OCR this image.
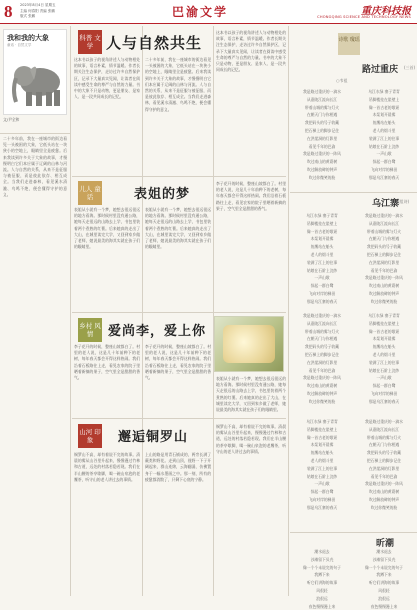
8 2023年8月4日 星期五
主编 何春阳 责编 张鹏
版式 张鹏	巴渝文学	重庆科技报
CHONGQING SCIENCE AND TECHNOLOGY NEWS
我和我的大象
童话 · 自然文学
文/尹全和
二十多年前，我在一座城市的街边看见一头被困的大象，它低头站在一块狭小的空地上，眼睛里全是疲惫。后来我读到许多关于大象的故事，才慢慢明白它们本应属于辽阔的山林与河流。人与自然的关系，从来不是征服与被征服，而是彼此依存、相互成全。当我们走进森林，看见溪水清澈、鸟鸣不绝，便会懂得守护的意义。
科普 文学 人与自然共生
这本书以孩子的视角讲述人与动物相处的故事，语言朴素，情节温暖。作者长期关注生态保护，走访过许多自然保护区，记录下大量真实见闻，让读者在阅读中感受生命的尊严与自然的力量。书中的大象不只是动物，更是朋友、是家人、是一段共同成长的记忆。
二十多年前，我在一座城市的街边看见一头被困的大象，它低头站在一块狭小的空地上，眼睛里全是疲惫。后来我读到许多关于大象的故事，才慢慢明白它们本应属于辽阔的山林与河流。人与自然的关系，从来不是征服与被征服，而是彼此依存、相互成全。当我们走进森林，看见溪水清澈、鸟鸣不绝，便会懂得守护的意义。
这本书以孩子的视角讲述人与动物相处的故事，语言朴素，情节温暖。作者长期关注生态保护，走访过许多自然保护区，记录下大量真实见闻，让读者在阅读中感受生命的尊严与自然的力量。书中的大象不只是动物，更是朋友、是家人、是一段共同成长的记忆。
儿人 童话	表姐的梦
表姐从小就有一个梦，她想去很远很远的地方看海。那时候村里没有通公路，她每天走很远的山路去上学，书包里装着两个煮熟的红薯。后来她真的走出了大山，在城里读完大学，又回到家乡做了老师，她说最美的海其实就在孩子们的眼睛里。
表姐从小就有一个梦，她想去很远很远的地方看海。那时候村里没有通公路，她每天走很远的山路去上学，书包里装着两个煮熟的红薯。后来她真的走出了大山，在城里读完大学，又回到家乡做了老师，她说最美的海其实就在孩子们的眼睛里。
李子花开的时候，整座山坡都白了。村里的老人说，这是几十年前种下的老树，每年春天都会开得这样热闹。我们沿着石板路往上走，看见农家的院子里晒着新摘的果子，空气里全是甜甜的香气。
乡村 风情	爱尚李，爱上你
李子花开的时候，整座山坡都白了。村里的老人说，这是几十年前种下的老树，每年春天都会开得这样热闹。我们沿着石板路往上走，看见农家的院子里晒着新摘的果子，空气里全是甜甜的香气。
李子花开的时候，整座山坡都白了。村里的老人说，这是几十年前种下的老树，每年春天都会开得这样热闹。我们沿着石板路往上走，看见农家的院子里晒着新摘的果子，空气里全是甜甜的香气。	表姐从小就有一个梦，她想去很远很远的地方看海。那时候村里没有通公路，她每天走很远的山路去上学，书包里装着两个煮熟的红薯。后来她真的走出了大山，在城里读完大学，又回到家乡做了老师，她说最美的海其实就在孩子们的眼睛里。
山河 印象	邂逅铜罗山
铜罗山不高，却有着说不完的故事。清晨的雾从山谷里升起来，慢慢漫过竹林和古道，远处的村落若隐若现。我们在半山腰的茶亭歇脚，喝一碗山泉泡的老鹰茶，听守山的老人讲过去的事情。
上山的路是用青石铺成的，两旁长满了蕨类和野花。走到山顶，视野一下子开阔起来，群山连绵，云海翻涌，仿佛置身于一幅水墨画之中。那一刻，所有的疲惫都消散了，只剩下心底的宁静。
铜罗山不高，却有着说不完的故事。清晨的雾从山谷里升起来，慢慢漫过竹林和古道，远处的村落若隐若现。我们在半山腰的茶亭歇脚，喝一碗山泉泡的老鹰茶，听守山的老人讲过去的事情。
诗歌 瓊瑶
路过重庆 (三首)
○韦祖
我是路过重庆的一滴水
从嘉陵江流向长江
带着山城的雾与灯火
在朝天门与你相遇
我把码头的号子收藏
把石梯上的脚步记住
在洪崖洞的灯影里
看见千年的巴渝
我是路过重庆的一阵风
吹过南山的黄葛树
吹过解放碑的钟声
吹过你微笑的脸
乌江水绿 寨子青青
吊脚楼挂在崖壁上
像一首古老的歌谣
木桨划开晨雾
鱼鹰站在船头
老人的烟斗里
装满了江上的往事
姑娘在石阶上浣纱
一声山歌
惊起一群白鹭
飞向对岸的梯田
那是乌江寨的春天
乌江寨
(组诗)
乌江水绿 寨子青青
吊脚楼挂在崖壁上
像一首古老的歌谣
木桨划开晨雾
鱼鹰站在船头
老人的烟斗里
装满了江上的往事
姑娘在石阶上浣纱
一声山歌
惊起一群白鹭
飞向对岸的梯田
那是乌江寨的春天
我是路过重庆的一滴水
从嘉陵江流向长江
带着山城的雾与灯火
在朝天门与你相遇
我把码头的号子收藏
把石梯上的脚步记住
在洪崖洞的灯影里
看见千年的巴渝
我是路过重庆的一阵风
吹过南山的黄葛树
吹过解放碑的钟声
吹过你微笑的脸
我是路过重庆的一滴水
从嘉陵江流向长江
带着山城的雾与灯火
在朝天门与你相遇
我把码头的号子收藏
把石梯上的脚步记住
在洪崖洞的灯影里
看见千年的巴渝
我是路过重庆的一阵风
吹过南山的黄葛树
吹过解放碑的钟声
吹过你微笑的脸
乌江水绿 寨子青青
吊脚楼挂在崖壁上
像一首古老的歌谣
木桨划开晨雾
鱼鹰站在船头
老人的烟斗里
装满了江上的往事
姑娘在石阶上浣纱
一声山歌
惊起一群白鹭
飞向对岸的梯田
那是乌江寨的春天
乌江水绿 寨子青青
吊脚楼挂在崖壁上
像一首古老的歌谣
木桨划开晨雾
鱼鹰站在船头
老人的烟斗里
装满了江上的往事
姑娘在石阶上浣纱
一声山歌
惊起一群白鹭
飞向对岸的梯田
那是乌江寨的春天
我是路过重庆的一滴水
从嘉陵江流向长江
带着山城的雾与灯火
在朝天门与你相遇
我把码头的号子收藏
把石梯上的脚步记住
在洪崖洞的灯影里
看见千年的巴渝
我是路过重庆的一阵风
吹过南山的黄葛树
吹过解放碑的钟声
吹过你微笑的脸
昕潮
潮水退去
沙滩留下贝壳
像一个个未说完的句子
我蹲下来
听它们讲海的故事
风很轻
浪很远
夜色慢慢漫上来
潮水退去
沙滩留下贝壳
像一个个未说完的句子
我蹲下来
听它们讲海的故事
风很轻
浪很远
夜色慢慢漫上来
